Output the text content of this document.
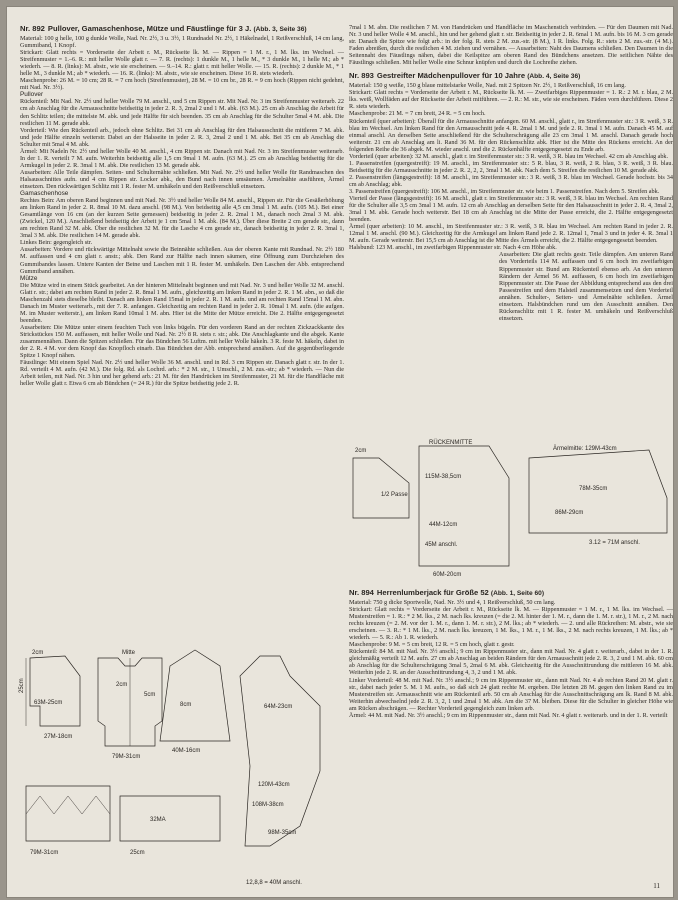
Nr. 892 Pullover, Gamaschenhose, Mütze und Fäustlinge für 3 J. (Abb. 3, Seite 36)

Material: 100 g helle, 100 g dunkle Wolle, Nad. Nr. 2½, 3 u. 3½, 1 Rundnadel Nr. 2½, 1 Häkelnadel, 1 Reißverschluß, 14 cm lang, Gummiband, 1 Knopf.

Strickart: Glatt rechts = Vorderseite der Arbeit r. M., Rückseite lk. M. — Rippen = 1 M. r., 1 M. lks. im Wechsel. — Streifenmuster = 1.–6. R.: mit heller Wolle glatt r. — 7. R. (rechts): 1 dunkle M., 1 helle M., * 3 dunkle M., 1 helle M.; ab * wiederh. — 8. R. (links): M. abstr., wie sie erscheinen. — 9.–14. R.: glatt r. mit heller Wolle. — 15. R. (rechts): 2 dunkle M., * 1 helle M., 3 dunkle M.; ab * wiederh. — 16. R. (links): M. abstr., wie sie erscheinen. Diese 16 R. stets wiederh.

Maschenprobe: 26 M. = 10 cm; 28 R. = 7 cm hoch (Streifenmuster), 28 M. = 10 cm br., 28 R. = 9 cm hoch (Rippen nicht gedehnt, mit Nad. Nr. 3½).

Pullover

Rückenteil: Mit Nad. Nr. 2½ und heller Wolle 79 M. anschl., und 5 cm Rippen str. Mit Nad. Nr. 3 im Streifenmuster weiterarb. 22 cm ab Anschlag für die Armausschnitte beidseitig in jeder 2. R. 3, 2mal 2 und 1 M. abk. (63 M.). 25 cm ab Anschlag die Arbeit für den Schlitz teilen; die mittelste M. abk. und jede Hälfte für sich beenden. 35 cm ab Anschlag für die Schulter 5mal 4 M. abk. Die restlichen 11 M. gerade abk.

Vorderteil: Wie den Rückenteil arb., jedoch ohne Schlitz. Bei 31 cm ab Anschlag für den Halsausschnitt die mittleren 7 M. abk. und jede Hälfte einzeln weiterstr. Dabei an der Halsseite in jeder 2. R. 3, 2mal 2 und 1 M. abk. Bei 35 cm ab Anschlag die Schulter mit 5mal 4 M. abk.

Ärmel: Mit Nadeln Nr. 2½ und heller Wolle 40 M. anschl., 4 cm Rippen str. Danach mit Nad. Nr. 3 im Streifenmuster weiterarb. In der 1. R. verteilt 7 M. aufn. Weiterhin beidseitig alle 1,5 cm 9mal 1 M. aufn. (63 M.). 25 cm ab Anschlag beidseitig für die Armkugel in jeder 2. R. 3mal 1 M. abk. Die restlichen 13 M. gerade abk.

Ausarbeiten: Alle Teile dämpfen. Seiten- und Schulternähte schließen. Mit Nad. Nr. 2½ und heller Wolle für Randmaschen des Halsausschnittes aufn. und 4 cm Rippen str. Locker abk., den Bund nach innen umsäumen. Ärmelnähte ausführen, Ärmel einsetzen. Den rückwärtigen Schlitz mit 1 R. fester M. umhäkeln und den Reißverschluß einsetzen.

Gamaschenhose

Rechtes Bein: Am oberen Rand beginnen und mit Nad. Nr. 3½ und heller Wolle 84 M. anschl., Rippen str. Für die Gesäßerhöhung am linken Rand in jeder 2. R. 8mal 10 M. dazu anschl. (98 M.). Von beidseitig alle 4,5 cm 3mal 1 M. aufn. (105 M.). Bei einer Gesamtlänge von 16 cm (an der kurzen Seite gemessen) beidseitig in jeder 2. R. 2mal 1 M., danach noch 2mal 3 M. abk. (Zwickel, 120 M.). Anschließend beidseitig der Arbeit je 1 cm 5mal 1 M. abk. (84 M.). Über diese Breite 2 cm gerade str., dann am rechten Rand 32 M. abk. Über die restlichen 32 M. für die Lasche 4 cm gerade str., danach beidseitig in jeder 2. R. 3mal 1, 3mal 3 M. abk. Die restlichen 14 M. gerade abk.

Linkes Bein: gegengleich str.

Ausarbeiten: Vordere und rückwärtige Mittelnaht sowie die Beinnähte schließen. Aus der oberen Kante mit Rundnad. Nr. 2½ 180 M. auffassen und 4 cm glatt r. anstr.; abk. Den Rand zur Hälfte nach innen säumen, eine Öffnung zum Durchziehen des Gummibandes lassen. Untere Kanten der Beine und Laschen mit 1 R. fester M. umhäkeln. Den Laschen der Abb. entsprechend Gummiband annähen.

Mütze

Die Mütze wird in einem Stück gearbeitet. An der hinteren Mittelnaht beginnen und mit Nad. Nr. 3 und heller Wolle 32 M. anschl. Glatt r. str.; dabei am rechten Rand in jeder 2. R. 8mal 1 M. aufn., gleichzeitig am linken Rand in jeder 2. R. 1 M. abn., so daß die Maschenzahl stets dieselbe bleibt. Danach am linken Rand 15mal in jeder 2. R. 1 M. aufn. und am rechten Rand 15mal 1 M. abn. Danach im Muster weiterarb., mit der 7. R. anfangen. Gleichzeitig am rechten Rand in jeder 2. R. 10mal 1 M. aufn. (die aufgen. M. im Muster weiterstr.), am linken Rand 10mal 1 M. abn. Hier ist die Mitte der Mütze erreicht. Die 2. Hälfte entgegengesetzt beenden.

Ausarbeiten: Die Mütze unter einem feuchten Tuch von links bügeln. Für den vorderen Rand an der rechten Zickzackkante des Strickstückes 150 M. auffassen, mit heller Wolle und Nad. Nr. 2½ 8 R. stets r. str.; abk. Die Anschlagkante und die abgek. Kante zusammennähen. Dann die Spitzen schließen. Für das Bündchen 56 Luftm. mit heller Wolle häkeln. 3 R. feste M. häkeln, dabei in der 2. R. 4 M. vor dem Knopf das Knopfloch einarb. Das Bündchen der Abb. entsprechend annähen. Auf die gegenüberliegende Spitze 1 Knopf nähen.

Fäustlinge: Mit einem Spiel Nad. Nr. 2½ und heller Wolle 36 M. anschl. und in Rd. 3 cm Rippen str. Danach glatt r. str. In der 1. Rd. verteilt 4 M. aufn. (42 M.). Die folg. Rd. als Lochrd. arb.: * 2 M. str., 1 Umschl., 2 M. zus.-str.; ab * wiederh. — Nun die Arbeit teilen, mit Nad. Nr. 3 hin und her gehend arb.: 21 M. für den Handrücken im Streifenmuster, 21 M. für die Handfläche mit heller Wolle glatt r. Etwa 6 cm ab Bündchen (= 24 R.) für die Spitze beidseitig jede 2. R.

2cm
25cm
63M-25cm
27M-18cm
Mitte
2cm
79M-31cm
5cm
8cm
40M-16cm
64M-23cm
120M-43cm
108M-38cm
98M-35cm
12,8,8 = 40M anschl.
79M-31cm	25cm
32MA

7mal 1 M. abn. Die restlichen 7 M. von Handrücken und Handfläche im Maschenstich verbinden. — Für den Daumen mit Nad. Nr. 3 und heller Wolle 4 M. anschl., hin und her gehend glatt r. str. Beidseitig in jeder 2. R. 6mal 1 M. aufn. bis 16 M. 3 cm gerade str. Danach die Spitze wie folgt arb.: in der folg. R. stets 2 M. zus.-str. (8 M.), 1 R. links. Folg. R.: stets 2 M. zus.-str. (4 M.). Faden abreißen, durch die restlichen 4 M. ziehen und vernähen. — Ausarbeiten: Naht des Daumens schließen. Den Daumen in die Seitennaht des Fäustlings nähen, dabei die Keilspitze am oberen Rand des Bündchens ansetzen. Die seitlichen Nähte des Fäustlings schließen. Mit heller Wolle eine Schnur knüpfen und durch die Lochreihe ziehen.

Nr. 893 Gestreifter Mädchenpullover für 10 Jahre (Abb. 4, Seite 36)

Material: 150 g weiße, 150 g blaue mittelstarke Wolle, Nad. mit 2 Spitzen Nr. 2½, 1 Reißverschluß, 16 cm lang.

Strickart: Glatt rechts = Vorderseite der Arbeit r. M., Rückseite lk. M. — Zweifarbiges Rippenmuster = 1. R.: 2 M. r. blau, 2 M. lks. weiß, Wollfäden auf der Rückseite der Arbeit mitführen. — 2. R.: M. str., wie sie erscheinen. Fäden vorn durchführen. Diese 2 R. stets wiederh.

Maschenprobe: 21 M. = 7 cm breit, 24 R. = 5 cm hoch.

Rückenteil (quer arbeiten): Überall für die Armausschnitte anfangen. 60 M. anschl., glatt r., im Streifenmuster str.: 3 R. weiß, 3 R. blau im Wechsel. Am linken Rand für den Armausschnitt jede 4. R. 2mal 1 M. und jede 2. R. 3mal 1 M. aufn. Danach 45 M. auf einmal anschl. An derselben Seite anschließend für die Schulterschrägung alle 23 cm 3mal 1 M. anschl. Danach gerade hoch weiterstr. 21 cm ab Anschlag am li. Rand 36 M. für den Rückenschlitz abk. Hier ist die Mitte des Rückens erreicht. An der folgenden Reihe die 36 abgek. M. wieder anschl. und die 2. Rückenhälfte entgegengesetzt zu Ende arb.

Vorderteil (quer arbeiten): 32 M. anschl., glatt r. im Streifenmuster str.: 3 R. weiß, 3 R. blau im Wechsel. 42 cm ab Anschlag abk.

1. Passenstreifen (quergestreift): 19 M. anschl., im Streifenmuster str.: 5 R. blau, 3 R. weiß, 2 R. blau, 3 R. weiß, 3 R. blau. Beidseitig für die Armausschnitte in jeder 2. R. 2, 2, 2, 3mal 1 M. abk. Nach dem 5. Streifen die restlichen 10 M. gerade abk.

2. Passenstreifen (längsgestreift): 18 M. anschl., im Streifenmuster str.: 3 R. weiß, 3 R. blau im Wechsel. Gerade hochstr. bis 34 cm ab Anschlag; abk.

3. Passenstreifen (quergestreift): 106 M. anschl., im Streifenmuster str. wie beim 1. Passenstreifen. Nach dem 5. Streifen abk.

Vierteil der Passe (längsgestreift): 16 M. anschl., glatt r. im Streifenmuster str.: 3 R. weiß, 3 R. blau im Wechsel. Am rechten Rand für die Schulter alle 3,5 cm 3mal 1 M. aufn. 12 cm ab Anschlag an derselben Seite für den Halsausschnitt in jeder 2. R. 4, 3mal 2, 3mal 1 M. abk. Gerade hoch weiterstr. Bei 18 cm ab Anschlag ist die Mitte der Passe erreicht, die 2. Hälfte entgegengesetzt beenden.

Ärmel (quer arbeiten): 10 M. anschl., im Streifenmuster str.: 3 R. weiß, 3 R. blau im Wechsel. Am rechten Rand in jeder 2. R. 12mal 1 M. anschl. (90 M.). Gleichzeitig für die Armkugel am linken Rand jede 2. R. 12mal 1, 7mal 3 und in jeder 4. R. 3mal 1 M. aufn. Gerade weiterstr. Bei 15,5 cm ab Anschlag ist die Mitte des Ärmels erreicht, die 2. Hälfte entgegengesetzt beenden.

Halsbund: 123 M. anschl., im zweifarbigen Rippenmuster str. Nach 4 cm Höhe abk.

Ausarbeiten: Die glatt rechts gestr. Teile dämpfen. Am unteren Rand des Vorderteils 114 M. auffassen und 6 cm hoch im zweifarbigen Rippenmuster str. Bund am Rückenteil ebenso arb. An den unteren Rändern der Ärmel 56 M. auffassen, 6 cm hoch im zweifarbigen Rippenmuster str. Die Passe der Abbildung entsprechend aus den drei Passestreifen und dem Halsteil zusammensetzen und dem Vorderteil annähen. Schulter-, Seiten- und Ärmelnähte schließen. Ärmel einsetzen. Halsbündchen rund um den Ausschnitt annähen. Den Rückenschlitz mit 1 R. fester M. umhäkeln und Reißverschluß einsetzen.

1/2 Passe
2cm
RÜCKENMITTE
115M-38,5cm
44M-12cm
45M anschl.
60M-20cm
Ärmelmitte: 129M-43cm
78M-35cm
86M-29cm
3.12 = 71M anschl.
Nr. 894 Herrenlumberjack für Größe 52 (Abb. 1, Seite 60)

Material: 750 g dicke Sportwolle, Nad. Nr. 3½ und 4, 1 Reißverschluß, 50 cm lang.

Strickart: Glatt rechts = Vorderseite der Arbeit r. M., Rückseite lk. M. — Rippenmuster = 1 M. r., 1 M. lks. im Wechsel. — Musterstreifen = 1. R.: * 2 M. lks., 2 M. nach lks. kreuzen (= die 2. M. hinter der 1. M. r., dann die 1. M. r. str.), 1 M. r., 2 M. nach rechts kreuzen (= 2. M. vor der 1. M. r., dann 1. M. r. str.), 2 M. lks.; ab * wiederh. — 2. und alle Rückreihen: M. abstr., wie sie erscheinen. — 3. R.: * 1 M. lks., 2 M. nach lks. kreuzen, 1 M. lks., 1 M. r., 1 M. lks., 2 M. nach rechts kreuzen, 1 M. lks.; ab * wiederh. — 5. R.: Ab 1. R. wiederh.

Maschenprobe: 9 M. = 5 cm breit, 12 R. = 5 cm hoch, glatt r. gestr.

Rückenteil: 84 M. mit Nad. Nr. 3½ anschl.; 9 cm im Rippenmuster str., dann mit Nad. Nr. 4 glatt r. weiterarb., dabei in der 1. R. gleichmäßig verteilt 12 M. aufn. 27 cm ab Anschlag an beiden Rändern für den Armausschnitt jede 2. R. 3, 2 und 1 M. abk. 60 cm ab Anschlag für die Schulterschrägung 3mal 5, 2mal 6 M. abk. Gleichzeitig für die Ausschnittrundung die mittleren 16 M. abk. Weiterhin jede 2. R. an der Ausschnittrundung 4, 3, 2 und 1 M. abk.

Linker Vorderteil: 48 M. mit Nad. Nr. 3½ anschl.; 9 cm im Rippenmuster str., dann mit Nad. Nr. 4 ab rechten Rand 20 M. glatt r. str., dabei nach jeder 5. M. 1 M. aufn., so daß sich 24 glatt rechte M. ergeben. Die letzten 28 M. gegen den linken Rand zu im Musterstreifen str. Armausschnitt wie am Rückenteil arb. 50 cm ab Anschlag für die Ausschnittschrägung am lk. Rand 8 M. abk. Weiterhin abwechselnd jede 2. R. 3, 2, 1 und 2mal 1 M. abk. Am die 37 M. bleiben. Diese für die Schulter in gleicher Höhe wie am Rücken abschrägen. — Rechter Vorderteil gegengleich zum linken arb.

Ärmel: 44 M. mit Nad. Nr. 3½ anschl.; 9 cm im Rippenmuster str., dann mit Nad. Nr. 4 glatt r. weiterarb. und in der 1. R. verteilt

11
